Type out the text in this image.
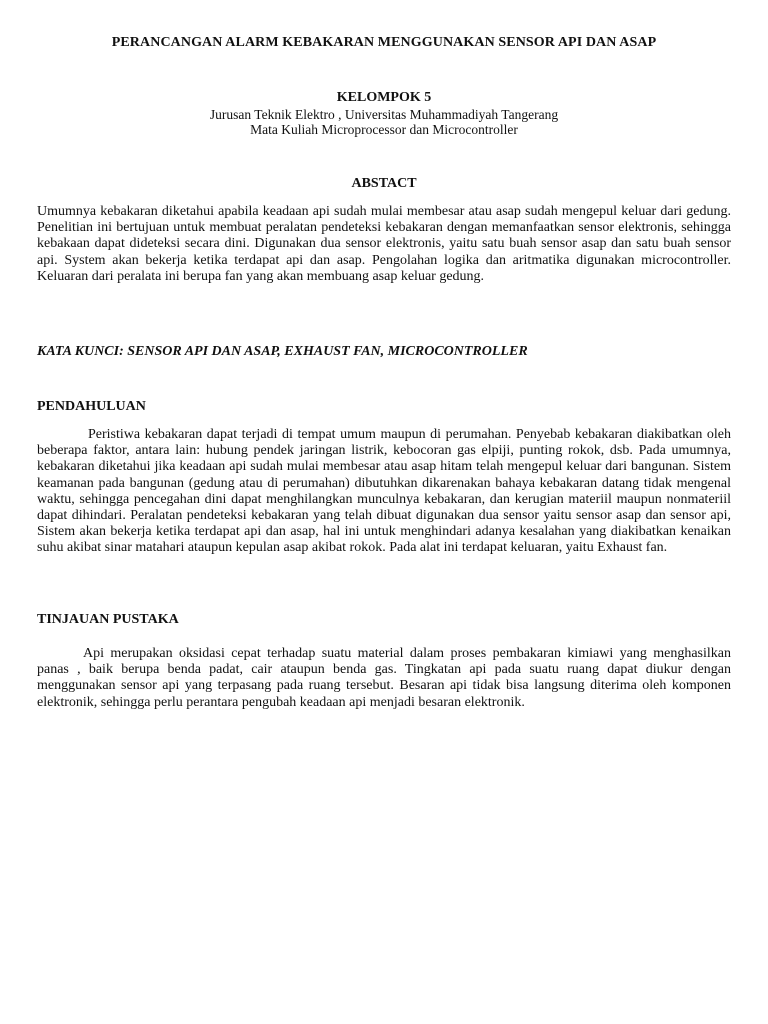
PERANCANGAN ALARM KEBAKARAN MENGGUNAKAN SENSOR API DAN ASAP
KELOMPOK 5
Jurusan Teknik Elektro , Universitas Muhammadiyah Tangerang
Mata Kuliah Microprocessor dan Microcontroller
ABSTACT
Umumnya kebakaran diketahui apabila keadaan api sudah mulai membesar atau asap sudah mengepul keluar dari gedung. Penelitian ini bertujuan untuk membuat peralatan pendeteksi kebakaran dengan memanfaatkan sensor elektronis, sehingga kebakaan dapat dideteksi secara dini. Digunakan dua sensor elektronis, yaitu satu buah sensor asap dan satu buah sensor api. System akan bekerja ketika terdapat api dan asap. Pengolahan logika dan aritmatika digunakan microcontroller. Keluaran dari peralata ini berupa fan yang akan membuang asap keluar gedung.
KATA KUNCI: SENSOR API DAN ASAP, EXHAUST FAN, MICROCONTROLLER
PENDAHULUAN
Peristiwa kebakaran dapat terjadi di tempat umum maupun di perumahan. Penyebab kebakaran diakibatkan oleh beberapa faktor, antara lain: hubung pendek jaringan listrik, kebocoran gas elpiji, punting rokok, dsb. Pada umumnya, kebakaran diketahui jika keadaan api sudah mulai membesar atau asap hitam telah mengepul keluar dari bangunan. Sistem keamanan pada bangunan (gedung atau di perumahan) dibutuhkan dikarenakan bahaya kebakaran datang tidak mengenal waktu, sehingga pencegahan dini dapat menghilangkan munculnya kebakaran, dan kerugian materiil maupun nonmateriil dapat dihindari. Peralatan pendeteksi kebakaran yang telah dibuat digunakan dua sensor yaitu sensor asap dan sensor api, Sistem akan bekerja ketika terdapat api dan asap, hal ini untuk menghindari adanya kesalahan yang diakibatkan kenaikan suhu akibat sinar matahari ataupun kepulan asap akibat rokok. Pada alat ini terdapat keluaran, yaitu Exhaust fan.
TINJAUAN PUSTAKA
Api merupakan oksidasi cepat terhadap suatu material dalam proses pembakaran kimiawi yang menghasilkan panas , baik berupa benda padat, cair ataupun benda gas. Tingkatan api pada suatu ruang dapat diukur dengan menggunakan sensor api yang terpasang pada ruang tersebut. Besaran api tidak bisa langsung diterima oleh komponen elektronik, sehingga perlu perantara pengubah keadaan api menjadi besaran elektronik.
